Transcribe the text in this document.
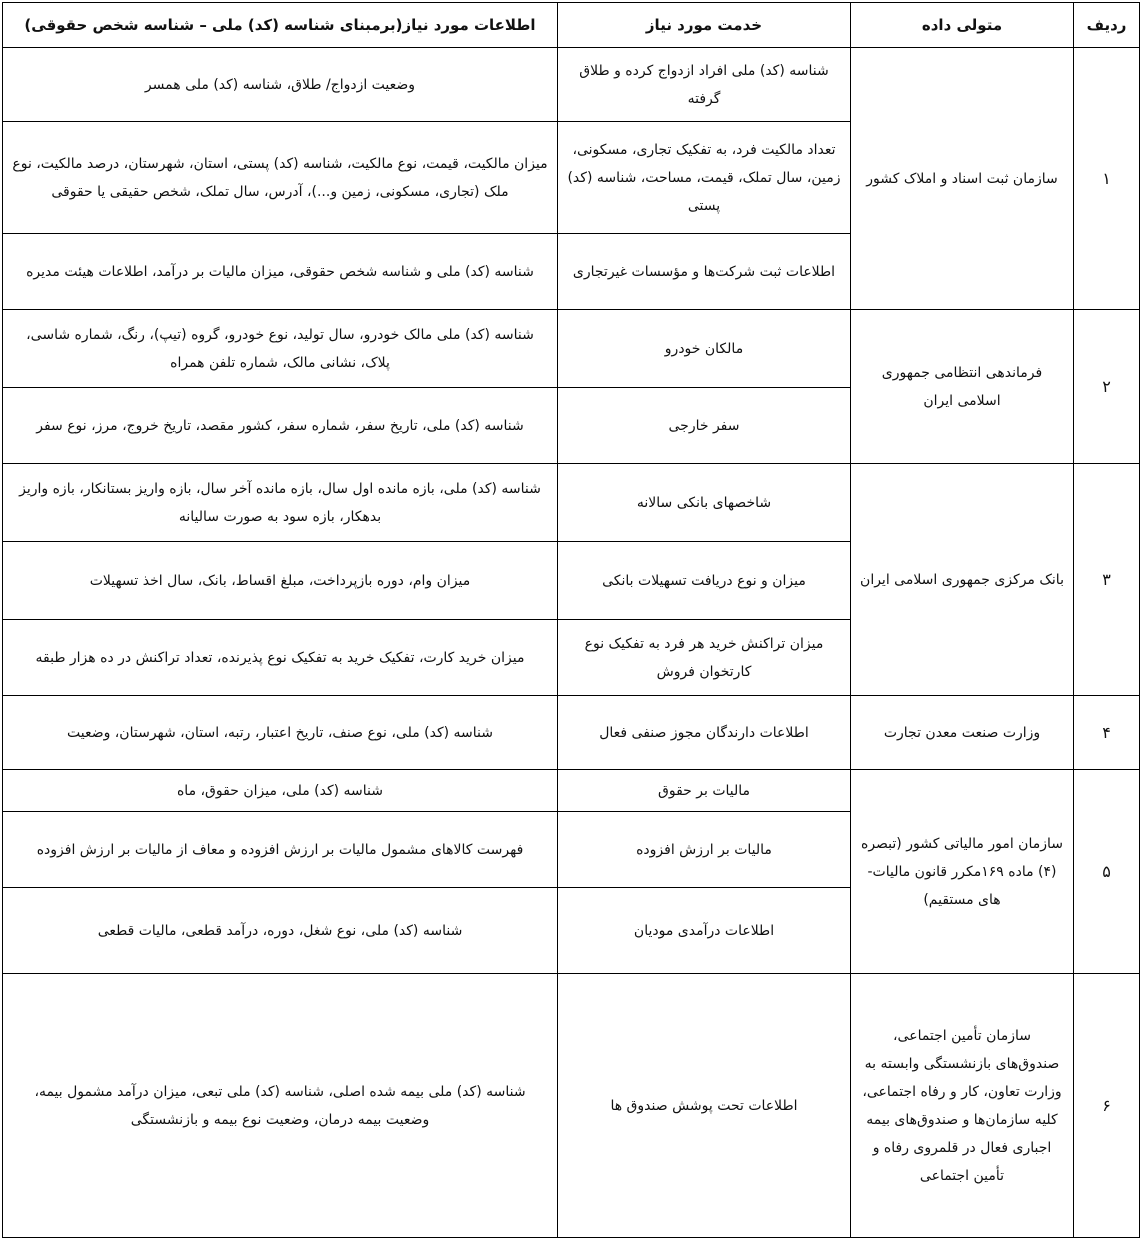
ردیف	متولی داده	خدمت مورد نیاز	اطلاعات مورد نیاز(برمبنای شناسه (کد) ملی – شناسه شخص حقوقی)
۱	سازمان ثبت اسناد و املاک کشور	شناسه (کد) ملی افراد ازدواج کرده و طلاق گرفته	وضعیت ازدواج/ طلاق، شناسه (کد) ملی همسر
		تعداد مالکیت فرد، به تفکیک تجاری، مسکونی، زمین، سال تملک، قیمت، مساحت، شناسه (کد) پستی	میزان مالکیت، قیمت، نوع مالکیت، شناسه (کد) پستی، استان، شهرستان، درصد مالکیت، نوع ملک (تجاری، مسکونی، زمین و...)، آدرس، سال تملک، شخص حقیقی یا حقوقی
		اطلاعات ثبت شرکت‌ها و مؤسسات غیرتجاری	شناسه (کد) ملی و شناسه شخص حقوقی، میزان مالیات بر درآمد، اطلاعات هیئت مدیره
۲	فرماندهی انتظامی جمهوری اسلامی ایران	مالکان خودرو	شناسه (کد) ملی مالک خودرو، سال تولید، نوع خودرو، گروه (تیپ)، رنگ، شماره شاسی، پلاک، نشانی مالک، شماره تلفن همراه
		سفر خارجی	شناسه (کد) ملی، تاریخ سفر، شماره سفر، کشور مقصد، تاریخ خروج، مرز، نوع سفر
۳	بانک مرکزی جمهوری اسلامی ایران	شاخصهای بانکی سالانه	شناسه (کد) ملی، بازه مانده اول سال، بازه مانده آخر سال، بازه واریز بستانکار، بازه واریز بدهکار، بازه سود به صورت سالیانه
		میزان و نوع دریافت تسهیلات بانکی	میزان وام، دوره بازپرداخت، مبلغ اقساط، بانک، سال اخذ تسهیلات
		میزان تراکنش خرید هر فرد به تفکیک نوع کارتخوان فروش	میزان خرید کارت، تفکیک خرید به تفکیک نوع پذیرنده، تعداد تراکنش در ده هزار طبقه
۴	وزارت صنعت معدن تجارت	اطلاعات دارندگان مجوز صنفی فعال	شناسه (کد) ملی، نوع صنف، تاریخ اعتبار، رتبه، استان، شهرستان، وضعیت
۵	سازمان امور مالیاتی کشور (تبصره (۴) ماده ۱۶۹مکرر قانون مالیات-های مستقیم)	مالیات بر حقوق	شناسه (کد) ملی، میزان حقوق، ماه
		مالیات بر ارزش افزوده	فهرست کالاهای مشمول مالیات بر ارزش افزوده و معاف از مالیات بر ارزش افزوده
		اطلاعات درآمدی مودیان	شناسه (کد) ملی، نوع شغل، دوره، درآمد قطعی، مالیات قطعی
۶	سازمان تأمین اجتماعی، صندوق‌های بازنشستگی وابسته به وزارت تعاون، کار و رفاه اجتماعی، کلیه سازمان‌ها و صندوق‌های بیمه اجباری فعال در قلمروی رفاه و تأمین اجتماعی	اطلاعات تحت پوشش صندوق ها	شناسه (کد) ملی بیمه شده اصلی، شناسه (کد) ملی تبعی، میزان درآمد مشمول بیمه، وضعیت بیمه درمان، وضعیت نوع بیمه و بازنشستگی
